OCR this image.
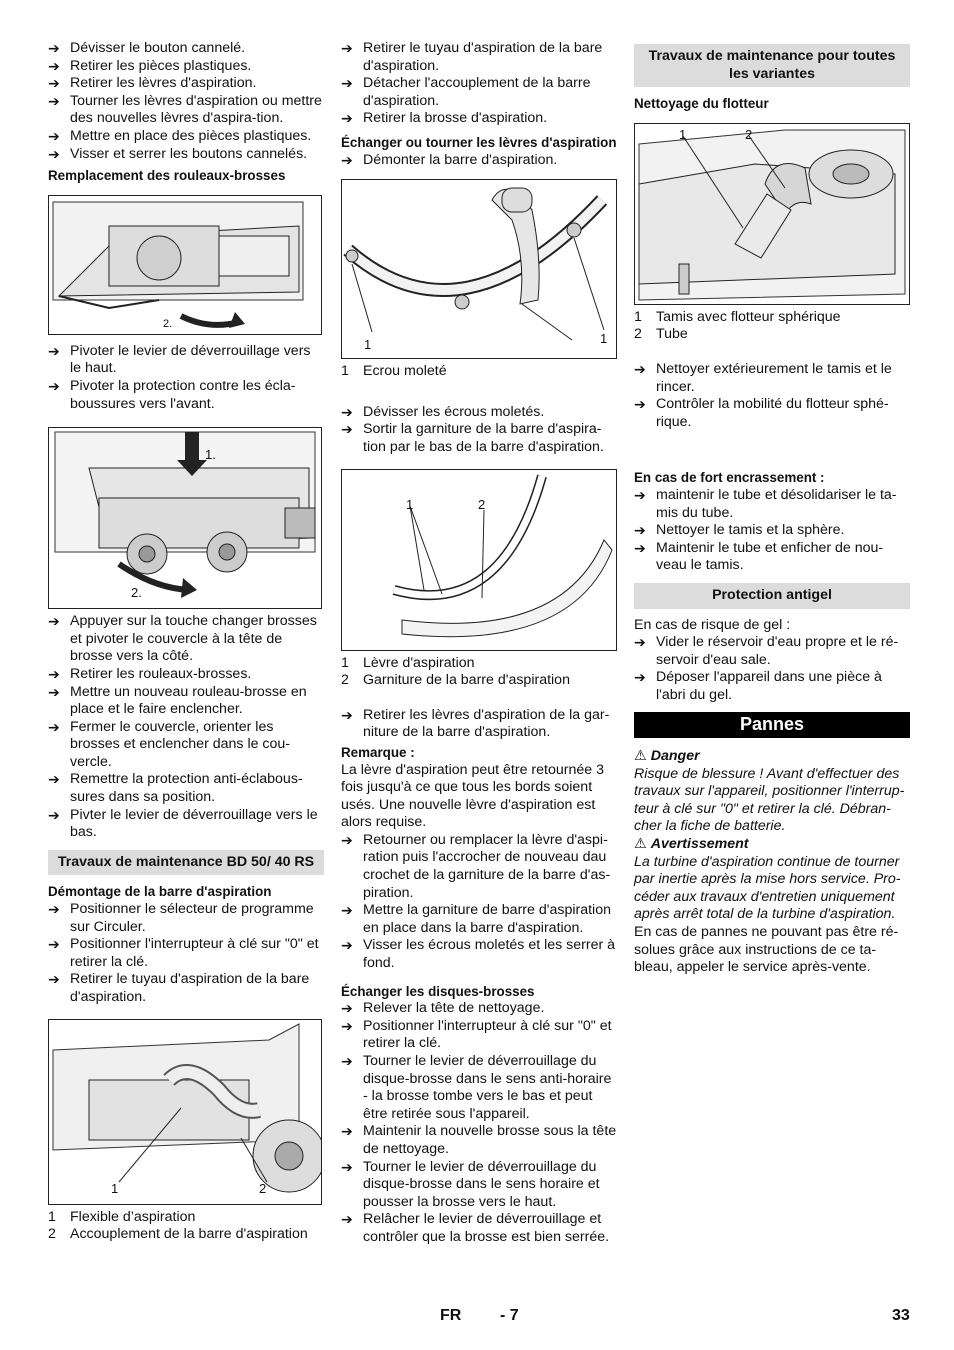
➔ Dévisser le bouton cannelé.
➔ Retirer les pièces plastiques.
➔ Retirer les lèvres d'aspiration.
➔ Tourner les lèvres d'aspiration ou mettre des nouvelles lèvres d'aspira-tion.
➔ Mettre en place des pièces plastiques.
➔ Visser et serrer les boutons cannelés.
Remplacement des rouleaux-brosses
2.
➔ Pivoter le levier de déverrouillage vers le haut.
➔ Pivoter la protection contre les écla-boussures vers l'avant.
1.
2.
➔ Appuyer sur la touche changer brosses et pivoter le couvercle à la tête de brosse vers la côté.
➔ Retirer les rouleaux-brosses.
➔ Mettre un nouveau rouleau-brosse en place et le faire enclencher.
➔ Fermer le couvercle, orienter les brosses et enclencher dans le cou-vercle.
➔ Remettre la protection anti-éclabous-sures dans sa position.
➔ Pivter le levier de déverrouillage vers le bas.
Travaux de maintenance BD 50/ 40 RS
Démontage de la barre d'aspiration
➔ Positionner le sélecteur de programme sur Circuler.
➔ Positionner l'interrupteur à clé sur "0" et retirer la clé.
➔ Retirer le tuyau d'aspiration de la bare d'aspiration.
1	2
1 Flexible d’aspiration
2 Accouplement de la barre d'aspiration
➔ Retirer le tuyau d'aspiration de la bare d'aspiration.
➔ Détacher l'accouplement de la barre d'aspiration.
➔ Retirer la brosse d'aspiration.
Échanger ou tourner les lèvres d'aspiration
➔ Démonter la barre d'aspiration.
1	1
1 Ecrou moleté
➔ Dévisser les écrous moletés.
➔ Sortir la garniture de la barre d'aspira-tion par le bas de la barre d'aspiration.
1	2
1 Lèvre d'aspiration
2 Garniture de la barre d'aspiration
➔ Retirer les lèvres d'aspiration de la gar-niture de la barre d'aspiration.
Remarque :
La lèvre d'aspiration peut être retournée 3 fois jusqu'à ce que tous les bords soient usés. Une nouvelle lèvre d'aspiration est alors requise.
➔ Retourner ou remplacer la lèvre d'aspi-ration puis l'accrocher de nouveau dau crochet de la garniture de la barre d'as-piration.
➔ Mettre la garniture de barre d'aspiration en place dans la barre d'aspiration.
➔ Visser les écrous moletés et les serrer à fond.
Échanger les disques-brosses
➔ Relever la tête de nettoyage.
➔ Positionner l'interrupteur à clé sur "0" et retirer la clé.
➔ Tourner le levier de déverrouillage du disque-brosse dans le sens anti-horaire - la brosse tombe vers le bas et peut être retirée sous l'appareil.
➔ Maintenir la nouvelle brosse sous la tête de nettoyage.
➔ Tourner le levier de déverrouillage du disque-brosse dans le sens horaire et pousser la brosse vers le haut.
➔ Relâcher le levier de déverrouillage et contrôler que la brosse est bien serrée.
Travaux de maintenance pour toutes les variantes
Nettoyage du flotteur
1	2
1 Tamis avec flotteur sphérique
2 Tube
➔ Nettoyer extérieurement le tamis et le rincer.
➔ Contrôler la mobilité du flotteur sphé-rique.
En cas de fort encrassement :
➔ maintenir le tube et désolidariser le ta-mis du tube.
➔ Nettoyer le tamis et la sphère.
➔ Maintenir le tube et enficher de nou-veau le tamis.
Protection antigel
En cas de risque de gel :
➔ Vider le réservoir d'eau propre et le ré-servoir d'eau sale.
➔ Déposer l'appareil dans une pièce à l'abri du gel.
Pannes
⚠ Danger
Risque de blessure ! Avant d'effectuer des travaux sur l'appareil, positionner l'interrup-teur à clé sur "0" et retirer la clé. Débran-cher la fiche de batterie.
⚠ Avertissement
La turbine d'aspiration continue de tourner par inertie après la mise hors service. Pro-céder aux travaux d'entretien uniquement après arrêt total de la turbine d'aspiration.
En cas de pannes ne pouvant pas être ré-solues grâce aux instructions de ce ta-bleau, appeler le service après-vente.
FR - 7	33
